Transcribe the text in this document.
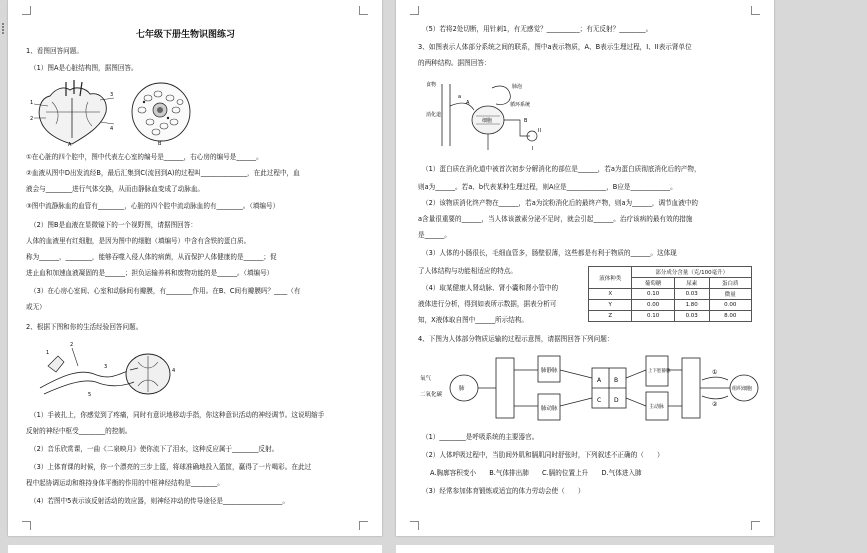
七年级下册生物识图练习
1、看图回答问题。
（1）图A是心脏结构图，据图回答。
1
2
3
4
A	B
①在心脏的四个腔中，图中代表左心室的编号是______，右心房的编号是______。
②血液从图中D出发流经B，最后汇集到C(流回到A)的过程叫______________，在此过程中，血
液会与________进行气体交换，从而由静脉血变成了动脉血。
③图中流静脉血的血管有________，心脏的四个腔中流动脉血的有________。（填编号）
（2）图B是血液在显微镜下的一个视野图，请据图回答：
人体的血液里有红细胞，是因为图中的细胞（填编号）中含有含铁的蛋白质。
称为______，________，能够吞噬入侵人体的病菌，从而保护人体健康的是______；促
进止血和加速血液凝固的是______；担负运输养料和废物功能的是______。（填编号）
（3）在心房心室间、心室和动脉间有瓣膜，有________作用。在B、C间有瓣膜吗？____（有
或无）
2、根据下图和你的生活经验回答问题。
1
2
3
4
5
（1）手被扎上，你感觉到了疼痛，同时有意识地移动手指，你这种意识活动的神经调节。这说明缩手
反射的神经中枢受________的控制。
（2）音乐欣赏课，一曲《二泉映月》使你流下了泪水，这种反应属于________反射。
（3）上体育课的时候，你一个漂亮的三步上篮，将球准确地投入篮筐，赢得了一片喝彩。在此过
程中起协调运动和维持身体平衡的作用的中枢神经结构是________。
（4）若图中5表示该反射活动的效应器，则神经冲动的传导途径是__________________。
（5）若将2处切断，用针刺1，有无感觉？__________；有无反射？________。
3、如图表示人体部分系统之间的联系，图中a表示物质，A、B表示生理过程，I、II表示肾单位
的两种结构。据图回答：
食物
消化道
肺泡
循环系统
细胞
A
B
I
II
a
（1）蛋白质在消化道中被首次初步分解消化的部位是______，若a为蛋白质彻底消化后的产物，
则a为______。若a、b代表某种生理过程，则A应是____________，B应是____________。
（2）该物质消化终产物在______，若a为淀粉消化后的最终产物，则a为______，调节血液中的
a含量很重要的______，当人体该激素分泌不足时，就会引起______。治疗该病的最有效的措施
是______。
（3）人体的小肠很长，毛细血管多，肠壁很薄，这些都是有利于物质的______。这体现
了人体结构与功能相适应的特点。
（4）取某健康人肾动脉、肾小囊和肾小管中的
液体进行分析，得到如表所示数据，据表分析可
知，X液体取自图中______所示结构。
液体种类	部分成分含量（克/100毫升）		
	葡萄糖	尿素	蛋白质
X	0.10	0.03	微量
Y	0.00	1.80	0.00
Z	0.10	0.03	8.00
4、下图为人体部分物质运输的过程示意图，请据图回答下列问题：
氧气
二氧化碳
肺
肺静脉
肺动脉
A B
C D
上下腔静脉
主动脉
组织细胞
①
②
（1）________是呼吸系统的主要器官。
（2）人体呼吸过程中，当肋间外肌和膈肌同时舒张时，下列叙述不正确的（　　）
A.胸廓容积变小　　B.气体排出肺　　C.膈的位置上升　　D.气体进入肺
（3）经常参加体育锻炼或适宜的体力劳动会使（　　）
